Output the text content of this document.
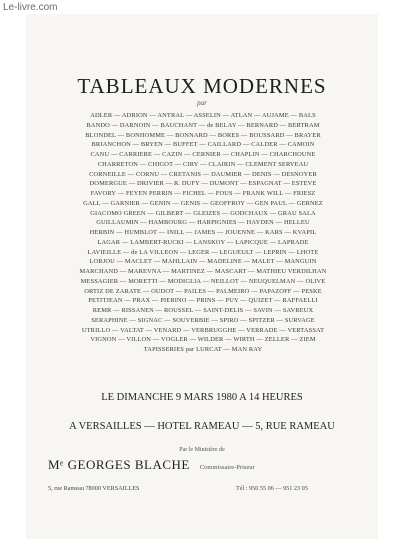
Le-livre.com
TABLEAUX MODERNES
par
ADLER — ADRION — ANTRAL — ASSELIN — ATLAN — AUJAME — BALS
BANDO — DARNOIN — BAUCHANT — de BELAY — BERNARD — BERTRAM
BLONDEL — BONHOMME — BONNARD — BORES — BOUSSARD — BRAYER
BRIANCHON — BRYEN — BUFFET — CAILLARD — CALDER — CAMOIN
CANU — CARRIERE — CAZIN — CERNIER — CHAPLIN — CHARCHOUNE
CHARRETON — CHIGOT — CIRY — CLAIRIN — CLEMENT SERVEAU
CORNEILLE — CORNU — CRETANIS — DAUMIER — DENIS — DESNOYER
DOMERGUE — DRIVIER — R. DUFY — DUMONT — ESPAGNAT — ESTEVE
FAVORY — FEYEN PERRIN — FICHEL — FOUS — FRANK WILL — FRIESZ
GALL — GARNIER — GENIN — GENIS — GEOFFROY — GEN PAUL — GERNEZ
GIACOMO GREEN — GILBERT — GLEIZES — GODCHAUX — GRAU SALA
GUILLAUMIN — HAMBOURG — HARPIGNIES — HAYDEN — HELLEU
HERBIN — HUMBLOT — INILL — JAMES — JOUENNE — KARS — KVAPIL
LAGAR — LAMBERT-RUCKI — LANSKOY — LAPICQUE — LAPRADE
LAVIEILLE — de LA VILLEON — LEGER — LEGUEULT — LEPRIN — LHOTE
LORJOU — MACLET — MAHLLAIN — MADELINE — MALET — MANGUIN
MARCHAND — MAREVNA — MARTINEZ — MASCART — MATHIEU VERDILHAN
MESSAGIER — MORETTI — MODIGLIA — NEILLOT — NEUQUELMAN — OLIVE
ORTIZ DE ZARATE — OUDOT — PAILES — PALMEIRO — PAPAZOFF — PESKE
PETITJEAN — PRAX — PIERINO — PRINS — PUY — QUIZET — RAFFAELLI
REMR — RISSANEN — ROUSSEL — SAINT-DELIS — SAVIN — SAVREUX
SERAPHINE — SIGNAC — SOUVERBIE — SPIRO — SPITZER — SURVAGE
UTRILLO — VALTAT — VENARD — VERBRUGGHE — VERRADE — VERTASSAT
VIGNON — VILLON — VOGLER — WILDER — WIRTH — ZELLER — ZIEM
TAPISSERIES par LURCAT — MAN RAY
LE DIMANCHE 9 MARS 1980 A 14 HEURES
A VERSAILLES — HOTEL RAMEAU — 5, RUE RAMEAU
Par le Ministère de
Mᵉ GEORGES BLACHE Commissaire-Priseur
5, rue Rameau 78000 VERSAILLES	Tél : 950 55 06 — 951 23 05
